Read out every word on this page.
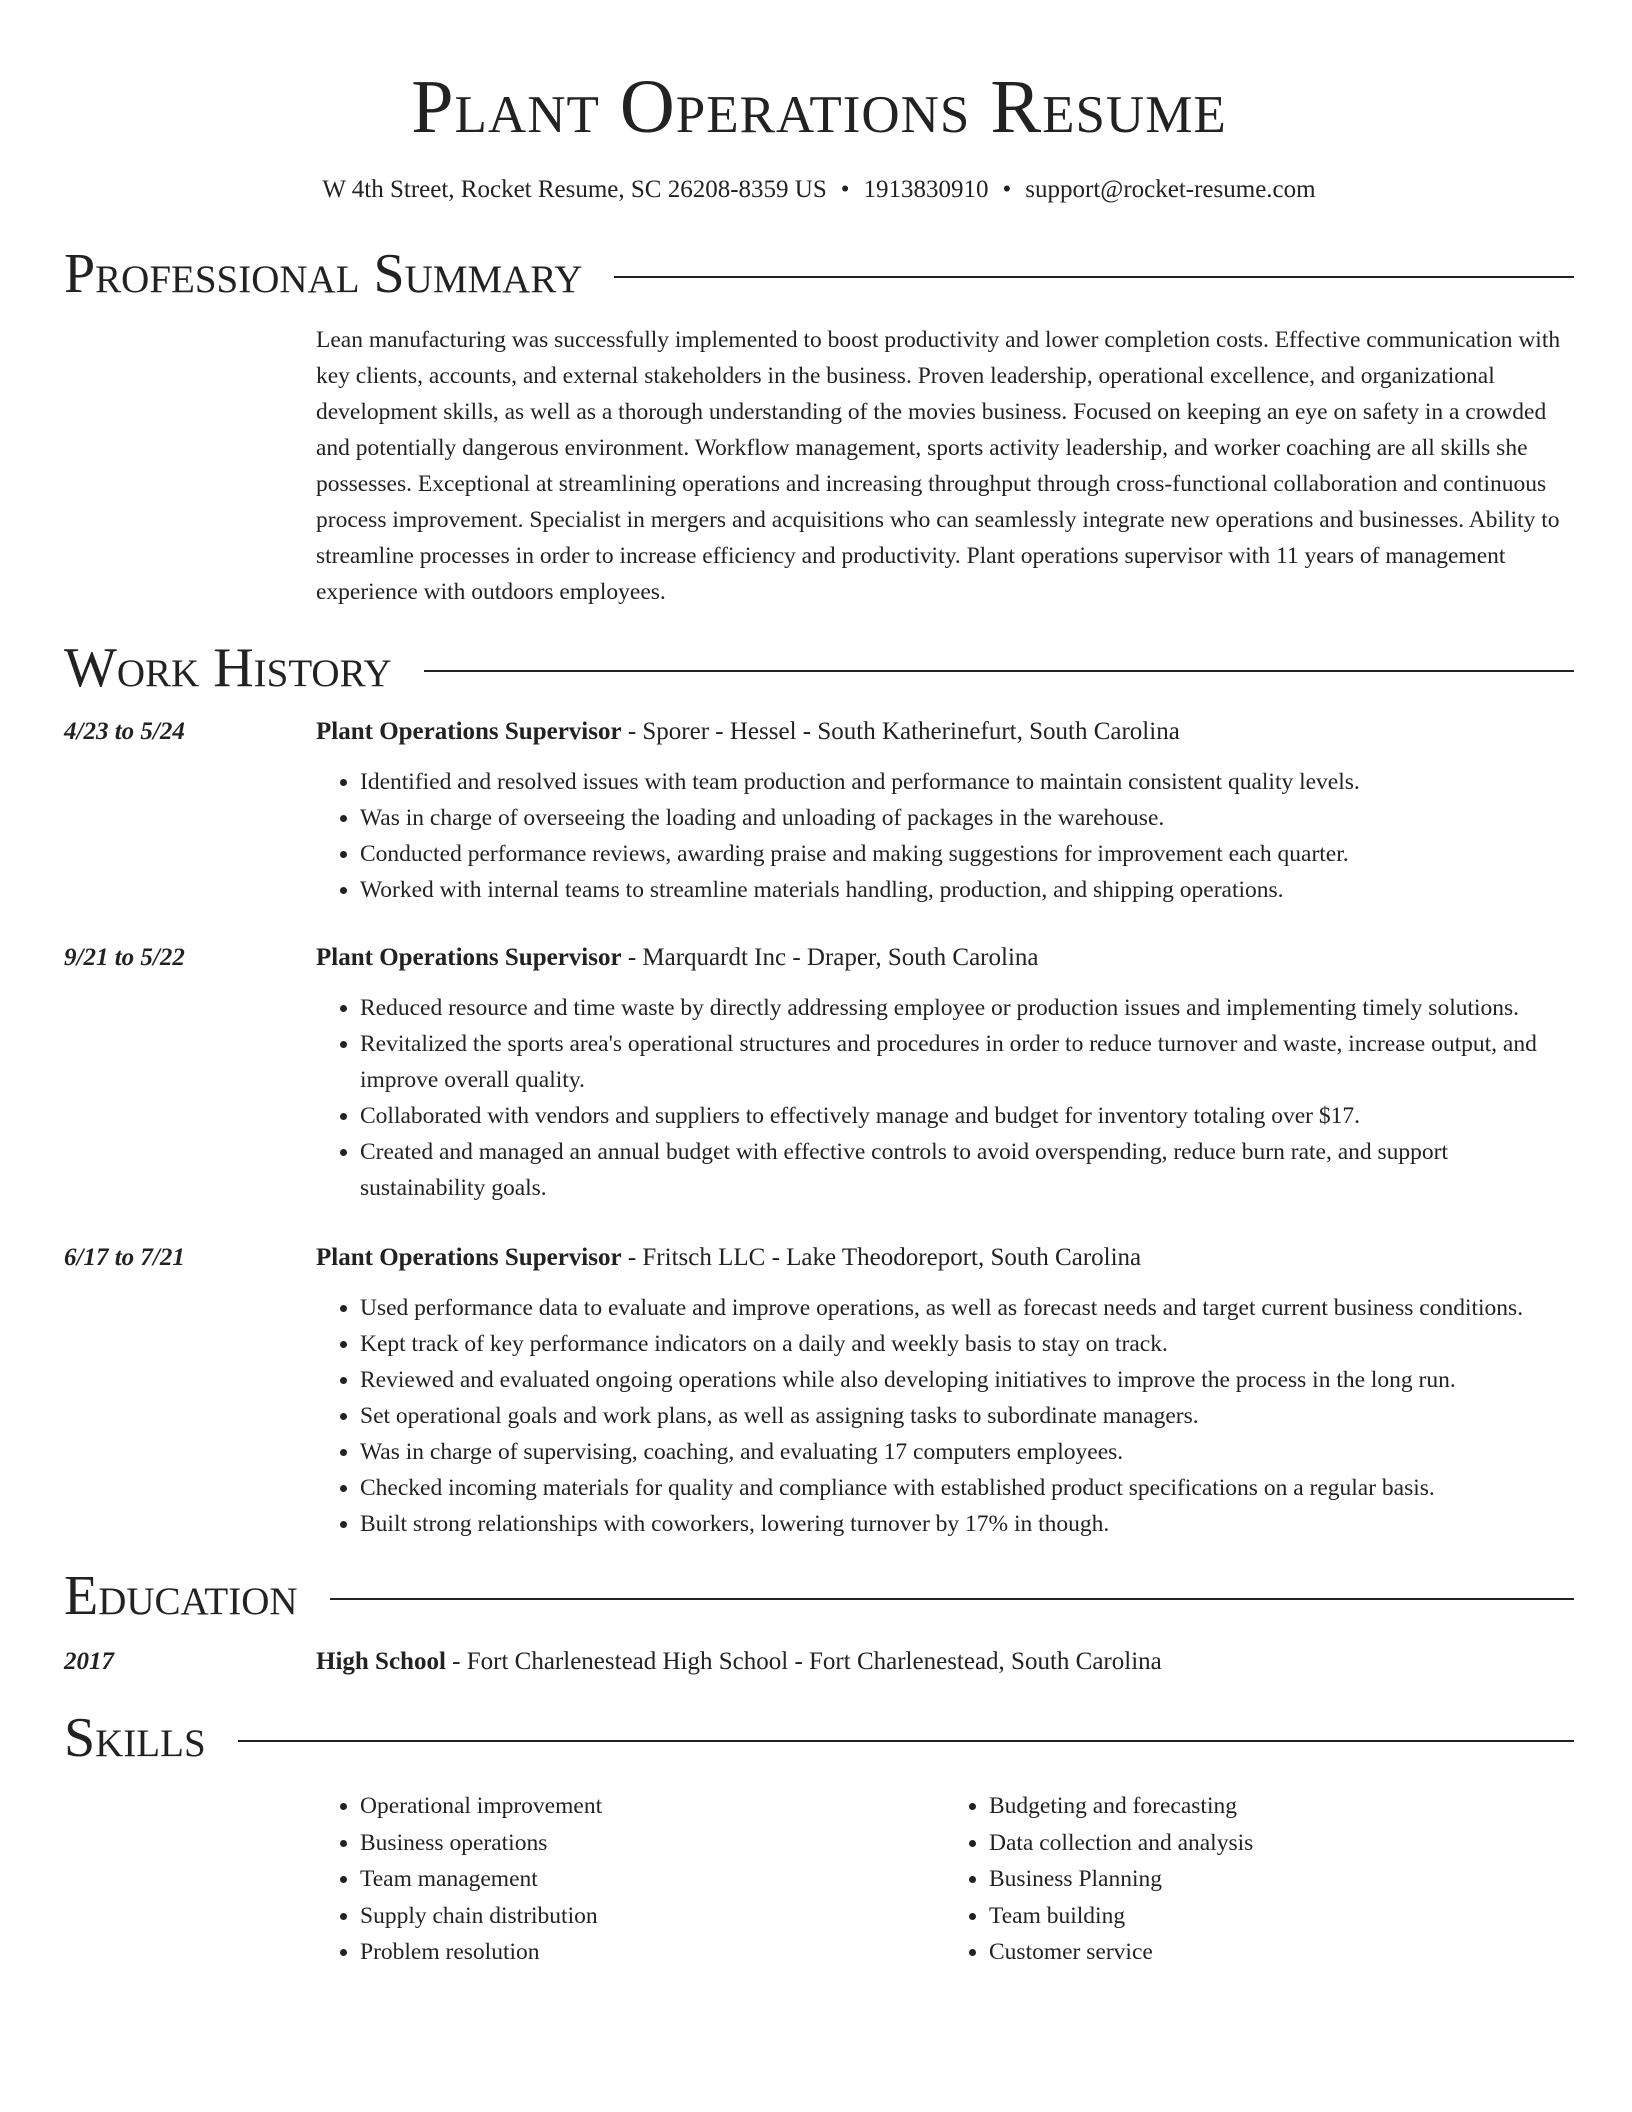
Plant Operations Resume
W 4th Street, Rocket Resume, SC 26208-8359 US • 1913830910 • support@rocket-resume.com
Professional Summary
Lean manufacturing was successfully implemented to boost productivity and lower completion costs. Effective communication with key clients, accounts, and external stakeholders in the business. Proven leadership, operational excellence, and organizational development skills, as well as a thorough understanding of the movies business. Focused on keeping an eye on safety in a crowded and potentially dangerous environment. Workflow management, sports activity leadership, and worker coaching are all skills she possesses. Exceptional at streamlining operations and increasing throughput through cross-functional collaboration and continuous process improvement. Specialist in mergers and acquisitions who can seamlessly integrate new operations and businesses. Ability to streamline processes in order to increase efficiency and productivity. Plant operations supervisor with 11 years of management experience with outdoors employees.
Work History
4/23 to 5/24	Plant Operations Supervisor - Sporer - Hessel - South Katherinefurt, South Carolina
• Identified and resolved issues with team production and performance to maintain consistent quality levels.
• Was in charge of overseeing the loading and unloading of packages in the warehouse.
• Conducted performance reviews, awarding praise and making suggestions for improvement each quarter.
• Worked with internal teams to streamline materials handling, production, and shipping operations.
9/21 to 5/22	Plant Operations Supervisor - Marquardt Inc - Draper, South Carolina
• Reduced resource and time waste by directly addressing employee or production issues and implementing timely solutions.
• Revitalized the sports area's operational structures and procedures in order to reduce turnover and waste, increase output, and improve overall quality.
• Collaborated with vendors and suppliers to effectively manage and budget for inventory totaling over $17.
• Created and managed an annual budget with effective controls to avoid overspending, reduce burn rate, and support sustainability goals.
6/17 to 7/21	Plant Operations Supervisor - Fritsch LLC - Lake Theodoreport, South Carolina
• Used performance data to evaluate and improve operations, as well as forecast needs and target current business conditions.
• Kept track of key performance indicators on a daily and weekly basis to stay on track.
• Reviewed and evaluated ongoing operations while also developing initiatives to improve the process in the long run.
• Set operational goals and work plans, as well as assigning tasks to subordinate managers.
• Was in charge of supervising, coaching, and evaluating 17 computers employees.
• Checked incoming materials for quality and compliance with established product specifications on a regular basis.
• Built strong relationships with coworkers, lowering turnover by 17% in though.
Education
2017	High School - Fort Charlenestead High School - Fort Charlenestead, South Carolina
Skills
• Operational improvement
• Business operations
• Team management
• Supply chain distribution
• Problem resolution
• Budgeting and forecasting
• Data collection and analysis
• Business Planning
• Team building
• Customer service
